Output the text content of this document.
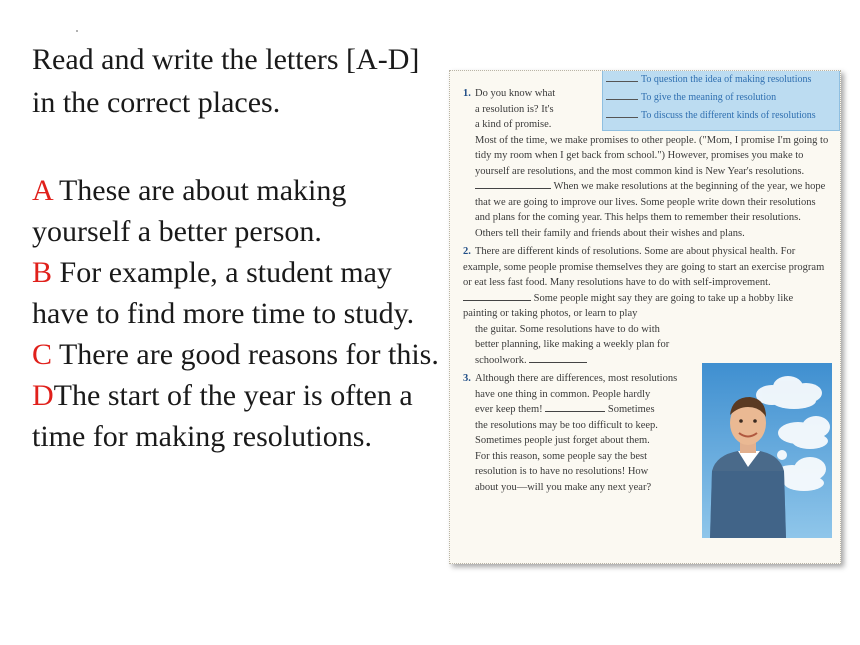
Read and write the letters [A-D] in the correct places.

A These are about making yourself a better person.

B For example, a student may have to find more time to study.

C There are good reasons for this.

DThe start of the year is often a time for making resolutions.

1. Do you know what

a resolution is? It's

a kind of promise.

Most of the time, we make promises to other people. ("Mom, I promise I'm going to tidy my room when I get back from school.") However, promises you make to yourself are resolutions, and the most common kind is New Year's resolutions.  When we make resolutions at the beginning of the year, we hope that we are going to improve our lives. Some people write down their resolutions and plans for the coming year. This helps them to remember their resolutions. Others tell their family and friends about their wishes and plans.

2. There are different kinds of resolutions. Some are about physical health. For example, some people promise themselves they are going to start an exercise program or eat less fast food. Many resolutions have to do with self-improvement.  Some people might say they are going to take up a hobby like painting or taking photos, or learn to play

the guitar. Some resolutions have to do with

better planning, like making a weekly plan for

schoolwork.

3. Although there are differences, most resolutions

have one thing in common. People hardly

ever keep them!	Sometimes

the resolutions may be too difficult to keep.

Sometimes people just forget about them.

For this reason, some people say the best

resolution is to have no resolutions! How

about you—will you make any next year?

To question the idea of making resolutions
To give the meaning of resolution
To discuss the different kinds of resolutions
